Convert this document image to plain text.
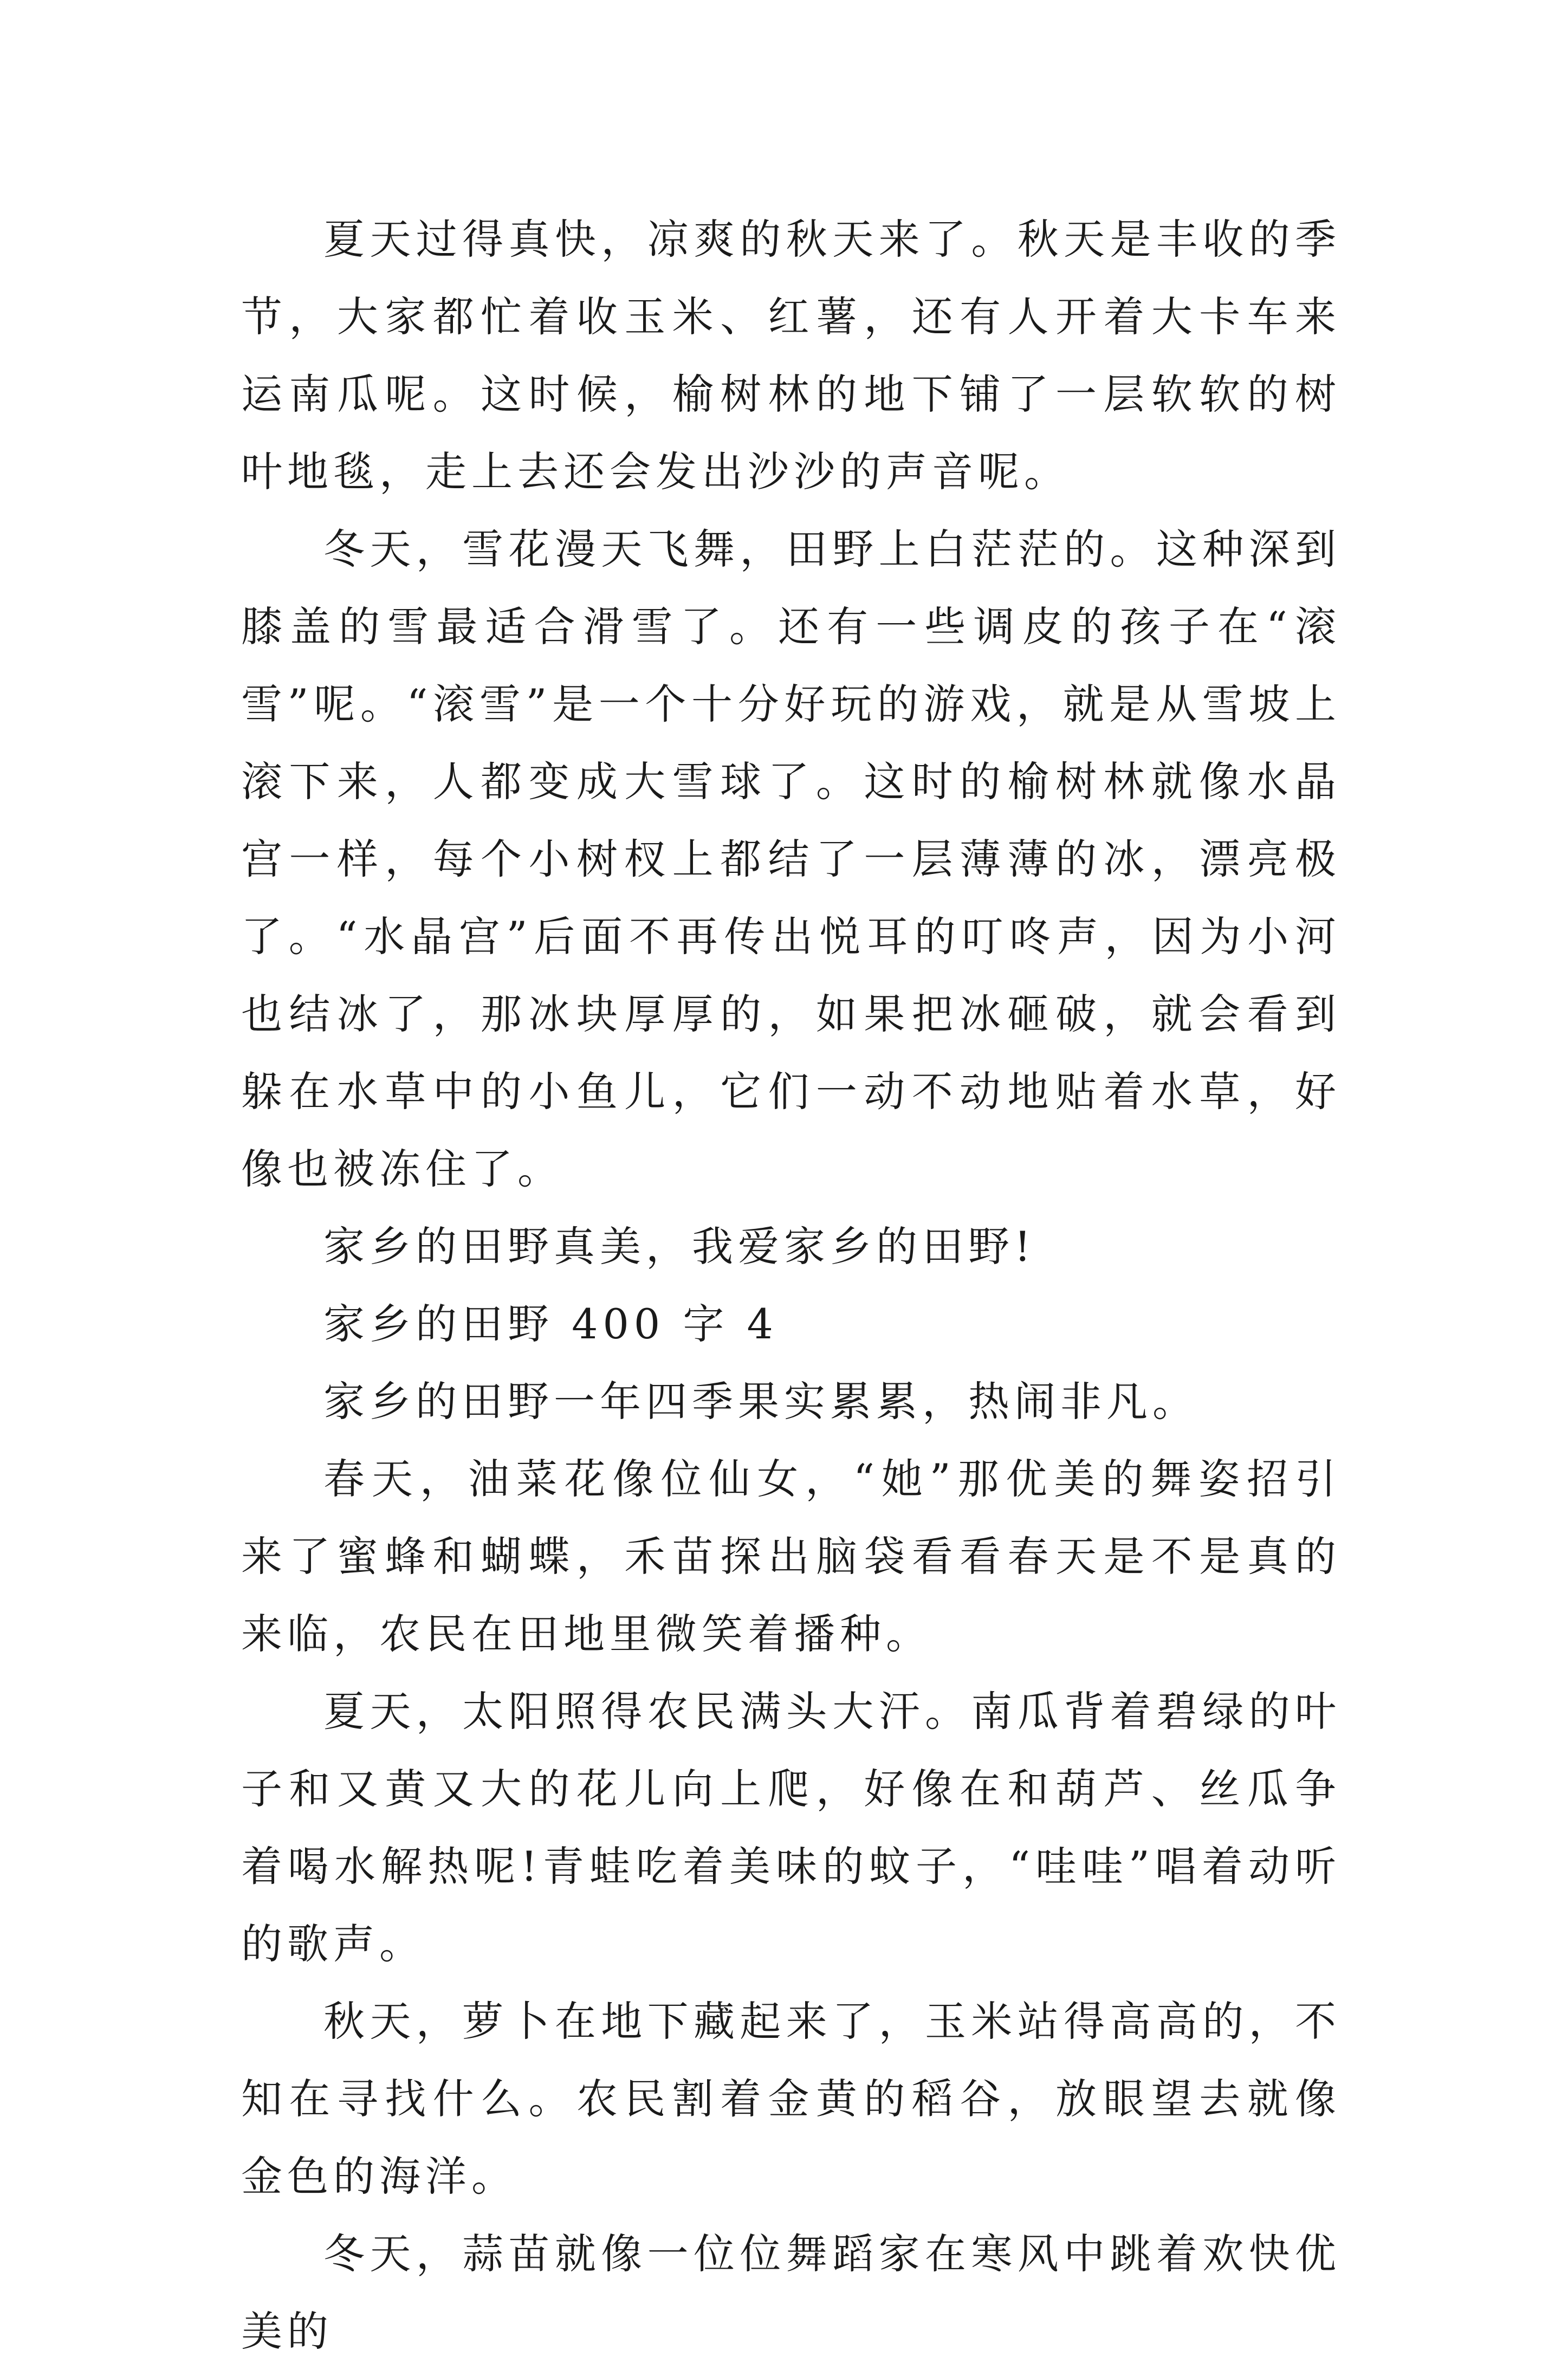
夏天过得真快，凉爽的秋天来了。秋天是丰收的季节，大家都忙着收玉米、红薯，还有人开着大卡车来运南瓜呢。这时候，榆树林的地下铺了一层软软的树叶地毯，走上去还会发出沙沙的声音呢。

冬天，雪花漫天飞舞，田野上白茫茫的。这种深到膝盖的雪最适合滑雪了。还有一些调皮的孩子在“滚雪”呢。“滚雪”是一个十分好玩的游戏，就是从雪坡上滚下来，人都变成大雪球了。这时的榆树林就像水晶宫一样，每个小树杈上都结了一层薄薄的冰，漂亮极了。“水晶宫”后面不再传出悦耳的叮咚声，因为小河也结冰了，那冰块厚厚的，如果把冰砸破，就会看到躲在水草中的小鱼儿，它们一动不动地贴着水草，好像也被冻住了。

家乡的田野真美，我爱家乡的田野!

家乡的田野 400 字 4

家乡的田野一年四季果实累累，热闹非凡。

春天，油菜花像位仙女，“她”那优美的舞姿招引来了蜜蜂和蝴蝶，禾苗探出脑袋看看春天是不是真的来临，农民在田地里微笑着播种。

夏天，太阳照得农民满头大汗。南瓜背着碧绿的叶子和又黄又大的花儿向上爬，好像在和葫芦、丝瓜争着喝水解热呢!青蛙吃着美味的蚊子，“哇哇”唱着动听的歌声。

秋天，萝卜在地下藏起来了，玉米站得高高的，不知在寻找什么。农民割着金黄的稻谷，放眼望去就像金色的海洋。

冬天，蒜苗就像一位位舞蹈家在寒风中跳着欢快优美的
